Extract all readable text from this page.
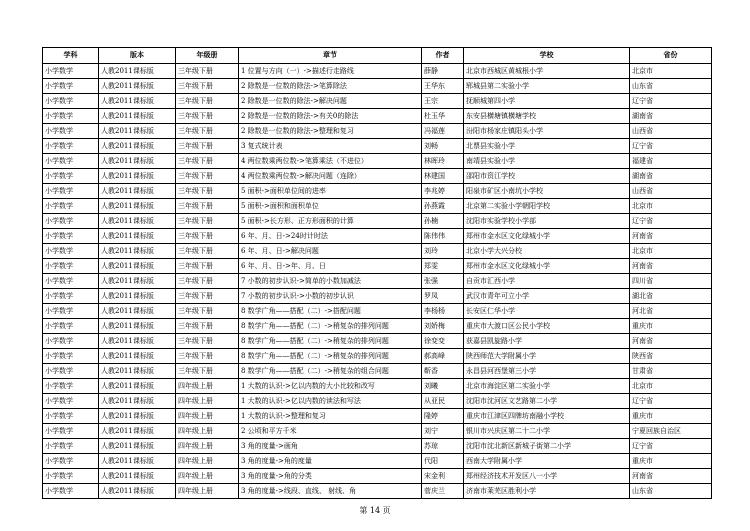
学科	版本	年级册	章节	作者	学校	省份
小学数学	人教2011课标版	三年级下册	1 位置与方向（一）->描述行走路线	薛静	北京市西城区黄城根小学	北京市
小学数学	人教2011课标版	三年级下册	2 除数是一位数的除法->笔算除法	王华东	郓城县第二实验小学	山东省
小学数学	人教2011课标版	三年级下册	2 除数是一位数的除法->解决问题	王宗	抚顺城第四小学	辽宁省
小学数学	人教2011课标版	三年级下册	2 除数是一位数的除法->有关0的除法	杜玉华	东安县横塘镇横塘学校	湖南省
小学数学	人教2011课标版	三年级下册	2 除数是一位数的除法->整理和复习	冯福莲	汾阳市杨家庄镇阳头小学	山西省
小学数学	人教2011课标版	三年级下册	3 复式统计表	刘畅	北票县实验小学	辽宁省
小学数学	人教2011课标版	三年级下册	4 两位数乘两位数->笔算乘法（不进位）	林晖玲	南靖县实验小学	福建省
小学数学	人教2011课标版	三年级下册	4 两位数乘两位数->解决问题（连除）	林建国	邵阳市资江学校	湖南省
小学数学	人教2011课标版	三年级下册	5 面积->面积单位间的进率	李兆婷	阳泉市矿区小南坑小学校	山西省
小学数学	人教2011课标版	三年级下册	5 面积->面积和面积单位	孙燕霞	北京第二实验小学朝阳学校	北京市
小学数学	人教2011课标版	三年级下册	5 面积->长方形、正方形面积的计算	孙楠	沈阳市实验学校小学部	辽宁省
小学数学	人教2011课标版	三年级下册	6 年、月、日->24时计时法	陈伟伟	郑州市金水区文化绿城小学	河南省
小学数学	人教2011课标版	三年级下册	6 年、月、日->解决问题	刘玲	北京小学大兴分校	北京市
小学数学	人教2011课标版	三年级下册	6 年、月、日->年、月、日	郑雯	郑州市金水区文化绿城小学	河南省
小学数学	人教2011课标版	三年级下册	7 小数的初步认识->简单的小数加减法	张强	自贡市汇西小学	四川省
小学数学	人教2011课标版	三年级下册	7 小数的初步认识->小数的初步认识	罗凤	武汉市青年可立小学	湖北省
小学数学	人教2011课标版	三年级下册	8 数学广角——搭配（二）->搭配问题	李杨杨	长安区仁华小学	河北省
小学数学	人教2011课标版	三年级下册	8 数学广角——搭配（二）->稍复杂的排列问题	刘娇梅	重庆市大渡口区公民小学校	重庆市
小学数学	人教2011课标版	三年级下册	8 数学广角——搭配（二）->稍复杂的排列问题	徐变变	获嘉县凯旋路小学	河南省
小学数学	人教2011课标版	三年级下册	8 数学广角——搭配（二）->稍复杂的排列问题	郝高峰	陕西师范大学附属小学	陕西省
小学数学	人教2011课标版	三年级下册	8 数学广角——搭配（二）->稍复杂的组合问题	靳香	永昌县河西堡第三小学	甘肃省
小学数学	人教2011课标版	四年级上册	1 大数的认识->亿以内数的大小比较和改写	刘曦	北京市海淀区第二实验小学	北京市
小学数学	人教2011课标版	四年级上册	1 大数的认识->亿以内数的读法和写法	从亚民	沈阳市沈河区文艺路第二小学	辽宁省
小学数学	人教2011课标版	四年级上册	1 大数的认识->整理和复习	隆婷	重庆市江津区四牌坊南融小学校	重庆市
小学数学	人教2011课标版	四年级上册	2 公顷和平方千米	刘宁	银川市兴庆区第二十二小学	宁夏回族自治区
小学数学	人教2011课标版	四年级上册	3 角的度量->画角	苏琼	沈阳市沈北新区新城子街第二小学	辽宁省
小学数学	人教2011课标版	四年级上册	3 角的度量->角的度量	代阳	西南大学附属小学	重庆市
小学数学	人教2011课标版	四年级上册	3 角的度量->角的分类	宋金利	郑州经济技术开发区八一小学	河南省
小学数学	人教2011课标版	四年级上册	3 角的度量->线段、直线、 射线、角	菅庆兰	济南市莱芜区胜利小学	山东省
第 14 页
